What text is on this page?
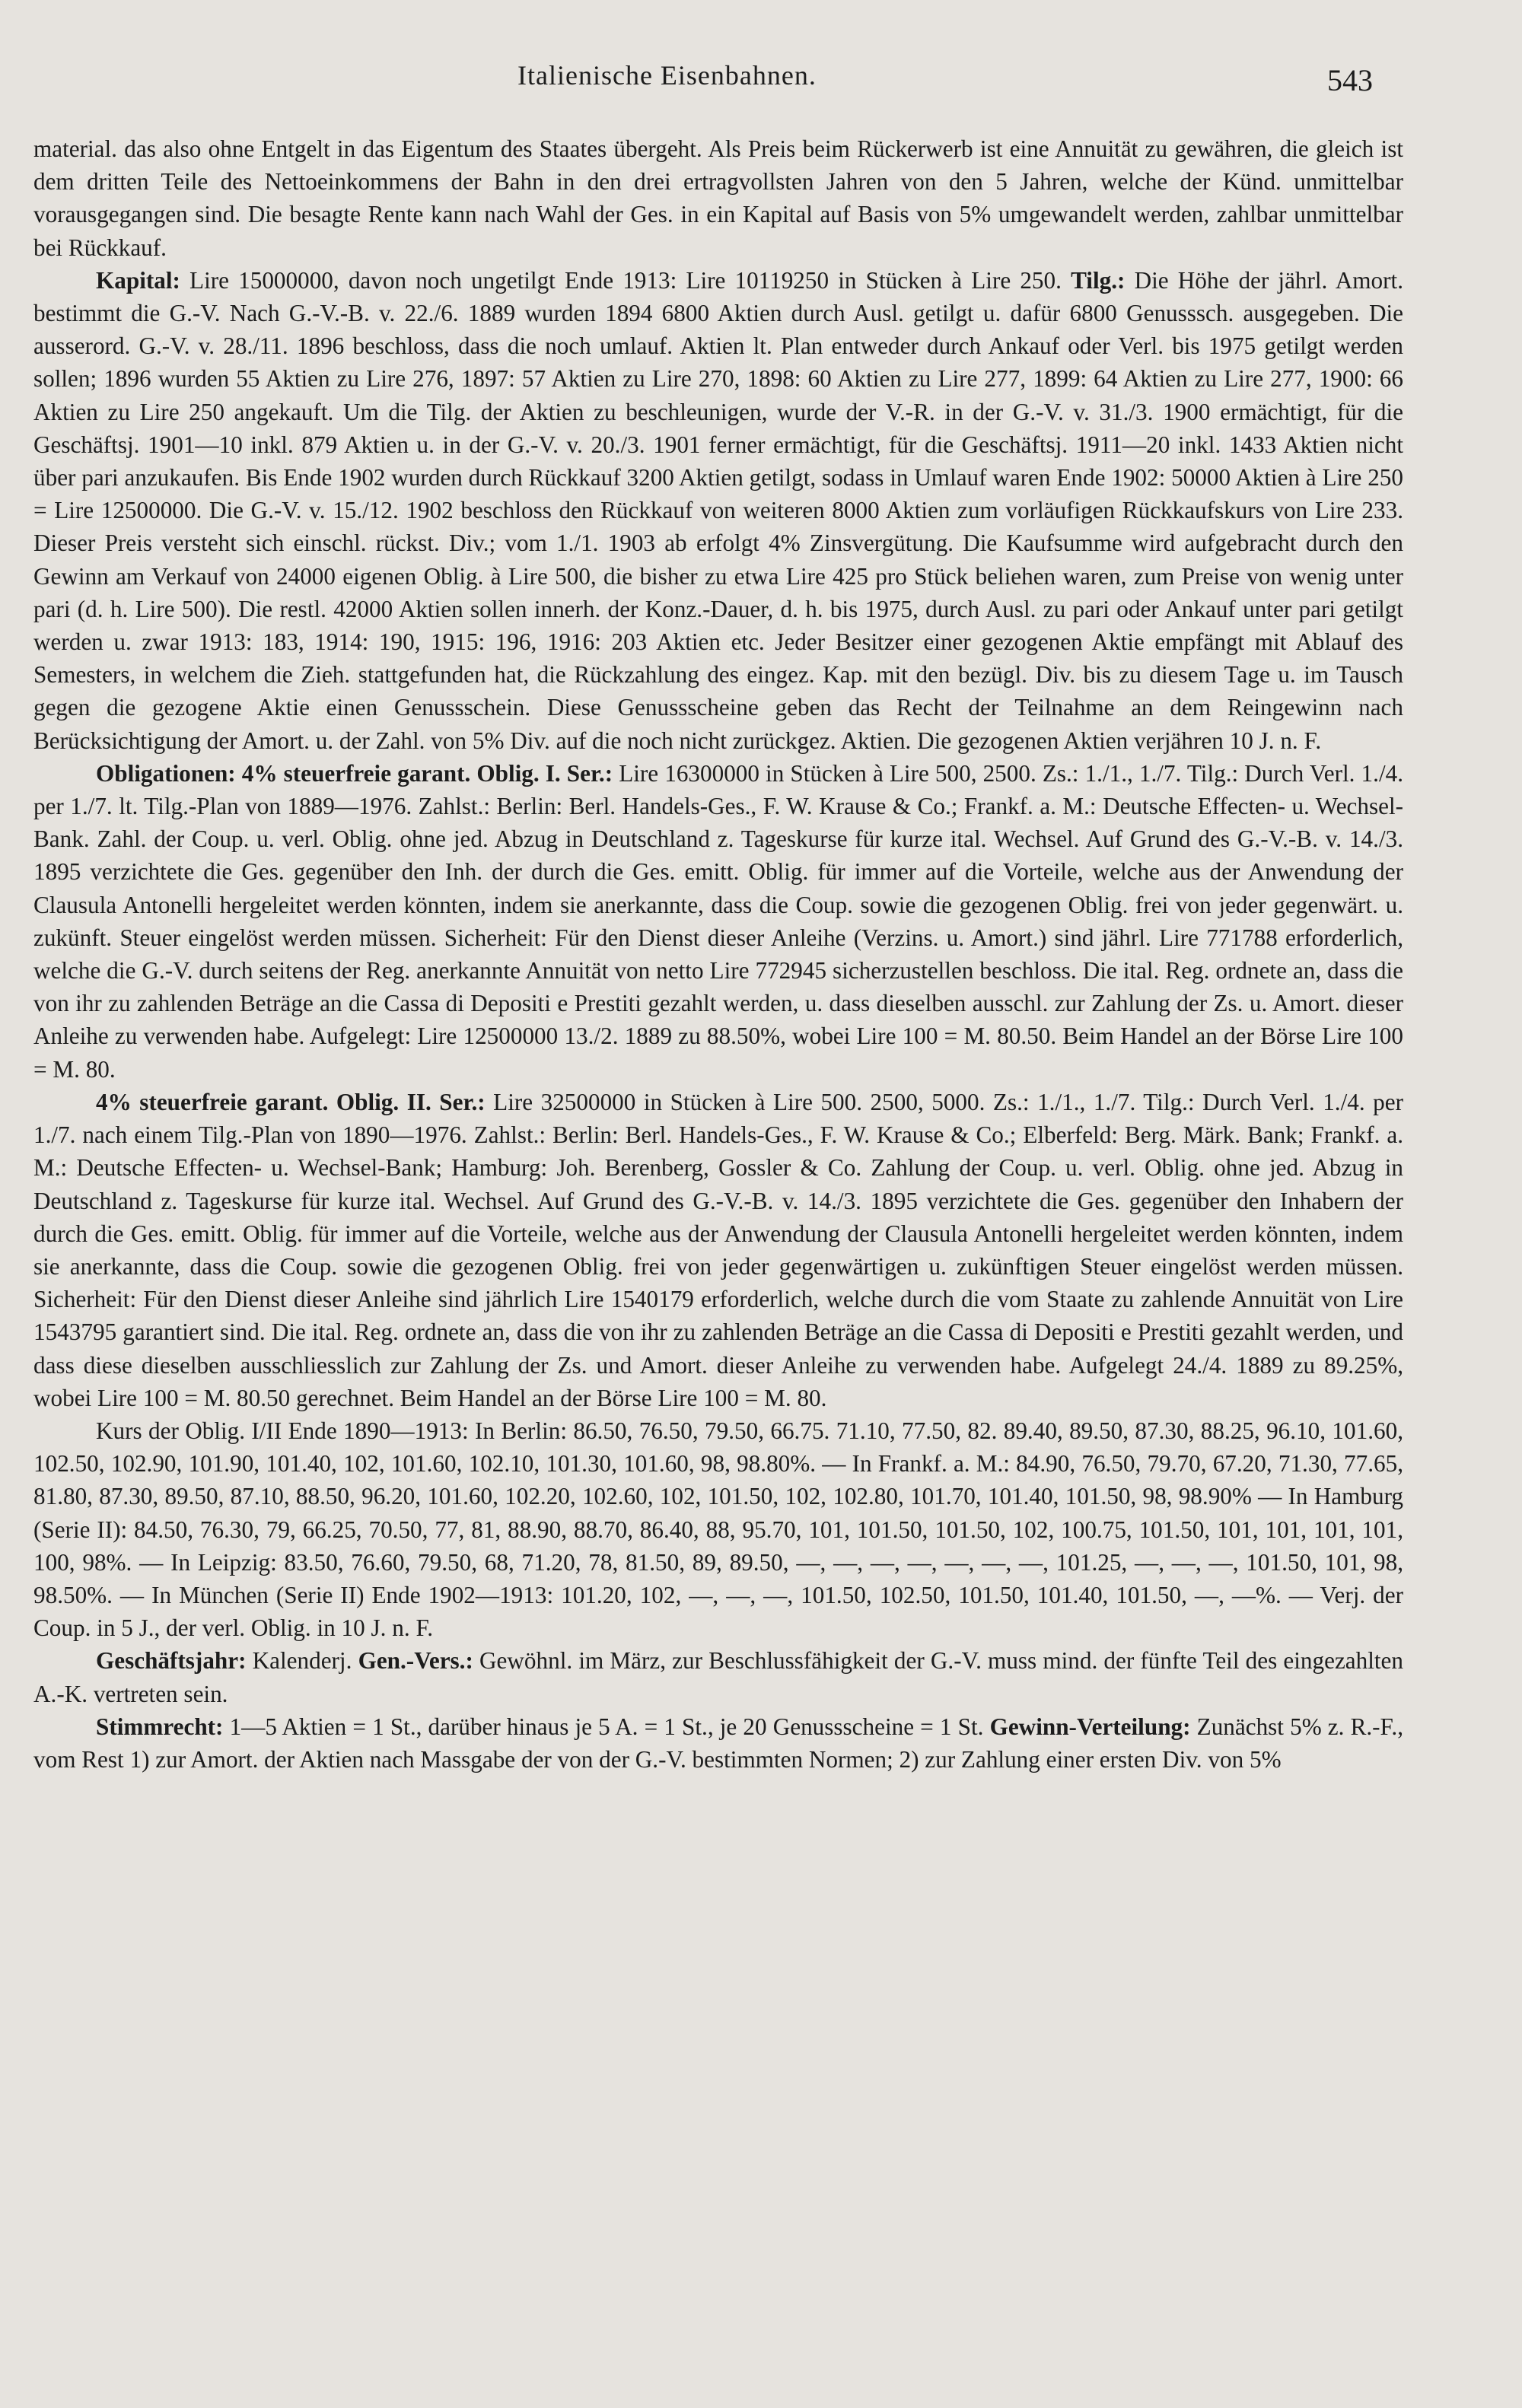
Italienische Eisenbahnen.	543

material. das also ohne Entgelt in das Eigentum des Staates übergeht. Als Preis beim Rückerwerb ist eine Annuität zu gewähren, die gleich ist dem dritten Teile des Nettoeinkommens der Bahn in den drei ertragvollsten Jahren von den 5 Jahren, welche der Künd. unmittelbar vorausgegangen sind. Die besagte Rente kann nach Wahl der Ges. in ein Kapital auf Basis von 5% umgewandelt werden, zahlbar unmittelbar bei Rückkauf.

Kapital: Lire 15000000, davon noch ungetilgt Ende 1913: Lire 10119250 in Stücken à Lire 250. Tilg.: Die Höhe der jährl. Amort. bestimmt die G.-V. Nach G.-V.-B. v. 22./6. 1889 wurden 1894 6800 Aktien durch Ausl. getilgt u. dafür 6800 Genusssch. ausgegeben. Die ausserord. G.-V. v. 28./11. 1896 beschloss, dass die noch umlauf. Aktien lt. Plan entweder durch Ankauf oder Verl. bis 1975 getilgt werden sollen; 1896 wurden 55 Aktien zu Lire 276, 1897: 57 Aktien zu Lire 270, 1898: 60 Aktien zu Lire 277, 1899: 64 Aktien zu Lire 277, 1900: 66 Aktien zu Lire 250 angekauft. Um die Tilg. der Aktien zu beschleunigen, wurde der V.-R. in der G.-V. v. 31./3. 1900 ermächtigt, für die Geschäftsj. 1901—10 inkl. 879 Aktien u. in der G.-V. v. 20./3. 1901 ferner ermächtigt, für die Geschäftsj. 1911—20 inkl. 1433 Aktien nicht über pari anzukaufen. Bis Ende 1902 wurden durch Rückkauf 3200 Aktien getilgt, sodass in Umlauf waren Ende 1902: 50000 Aktien à Lire 250 = Lire 12500000. Die G.-V. v. 15./12. 1902 beschloss den Rückkauf von weiteren 8000 Aktien zum vorläufigen Rückkaufskurs von Lire 233. Dieser Preis versteht sich einschl. rückst. Div.; vom 1./1. 1903 ab erfolgt 4% Zinsvergütung. Die Kaufsumme wird aufgebracht durch den Gewinn am Verkauf von 24000 eigenen Oblig. à Lire 500, die bisher zu etwa Lire 425 pro Stück beliehen waren, zum Preise von wenig unter pari (d. h. Lire 500). Die restl. 42000 Aktien sollen innerh. der Konz.-Dauer, d. h. bis 1975, durch Ausl. zu pari oder Ankauf unter pari getilgt werden u. zwar 1913: 183, 1914: 190, 1915: 196, 1916: 203 Aktien etc. Jeder Besitzer einer gezogenen Aktie empfängt mit Ablauf des Semesters, in welchem die Zieh. stattgefunden hat, die Rückzahlung des eingez. Kap. mit den bezügl. Div. bis zu diesem Tage u. im Tausch gegen die gezogene Aktie einen Genussschein. Diese Genussscheine geben das Recht der Teilnahme an dem Reingewinn nach Berücksichtigung der Amort. u. der Zahl. von 5% Div. auf die noch nicht zurückgez. Aktien. Die gezogenen Aktien verjähren 10 J. n. F.

Obligationen: 4% steuerfreie garant. Oblig. I. Ser.: Lire 16300000 in Stücken à Lire 500, 2500. Zs.: 1./1., 1./7. Tilg.: Durch Verl. 1./4. per 1./7. lt. Tilg.-Plan von 1889—1976. Zahlst.: Berlin: Berl. Handels-Ges., F. W. Krause & Co.; Frankf. a. M.: Deutsche Effecten- u. Wechsel-Bank. Zahl. der Coup. u. verl. Oblig. ohne jed. Abzug in Deutschland z. Tageskurse für kurze ital. Wechsel. Auf Grund des G.-V.-B. v. 14./3. 1895 verzichtete die Ges. gegenüber den Inh. der durch die Ges. emitt. Oblig. für immer auf die Vorteile, welche aus der Anwendung der Clausula Antonelli hergeleitet werden könnten, indem sie anerkannte, dass die Coup. sowie die gezogenen Oblig. frei von jeder gegenwärt. u. zukünft. Steuer eingelöst werden müssen. Sicherheit: Für den Dienst dieser Anleihe (Verzins. u. Amort.) sind jährl. Lire 771788 erforderlich, welche die G.-V. durch seitens der Reg. anerkannte Annuität von netto Lire 772945 sicherzustellen beschloss. Die ital. Reg. ordnete an, dass die von ihr zu zahlenden Beträge an die Cassa di Depositi e Prestiti gezahlt werden, u. dass dieselben ausschl. zur Zahlung der Zs. u. Amort. dieser Anleihe zu verwenden habe. Aufgelegt: Lire 12500000 13./2. 1889 zu 88.50%, wobei Lire 100 = M. 80.50. Beim Handel an der Börse Lire 100 = M. 80.

4% steuerfreie garant. Oblig. II. Ser.: Lire 32500000 in Stücken à Lire 500. 2500, 5000. Zs.: 1./1., 1./7. Tilg.: Durch Verl. 1./4. per 1./7. nach einem Tilg.-Plan von 1890—1976. Zahlst.: Berlin: Berl. Handels-Ges., F. W. Krause & Co.; Elberfeld: Berg. Märk. Bank; Frankf. a. M.: Deutsche Effecten- u. Wechsel-Bank; Hamburg: Joh. Berenberg, Gossler & Co. Zahlung der Coup. u. verl. Oblig. ohne jed. Abzug in Deutschland z. Tageskurse für kurze ital. Wechsel. Auf Grund des G.-V.-B. v. 14./3. 1895 verzichtete die Ges. gegenüber den Inhabern der durch die Ges. emitt. Oblig. für immer auf die Vorteile, welche aus der Anwendung der Clausula Antonelli hergeleitet werden könnten, indem sie anerkannte, dass die Coup. sowie die gezogenen Oblig. frei von jeder gegenwärtigen u. zukünftigen Steuer eingelöst werden müssen. Sicherheit: Für den Dienst dieser Anleihe sind jährlich Lire 1540179 erforderlich, welche durch die vom Staate zu zahlende Annuität von Lire 1543795 garantiert sind. Die ital. Reg. ordnete an, dass die von ihr zu zahlenden Beträge an die Cassa di Depositi e Prestiti gezahlt werden, und dass diese dieselben ausschliesslich zur Zahlung der Zs. und Amort. dieser Anleihe zu verwenden habe. Aufgelegt 24./4. 1889 zu 89.25%, wobei Lire 100 = M. 80.50 gerechnet. Beim Handel an der Börse Lire 100 = M. 80.

Kurs der Oblig. I/II Ende 1890—1913: In Berlin: 86.50, 76.50, 79.50, 66.75. 71.10, 77.50, 82. 89.40, 89.50, 87.30, 88.25, 96.10, 101.60, 102.50, 102.90, 101.90, 101.40, 102, 101.60, 102.10, 101.30, 101.60, 98, 98.80%. — In Frankf. a. M.: 84.90, 76.50, 79.70, 67.20, 71.30, 77.65, 81.80, 87.30, 89.50, 87.10, 88.50, 96.20, 101.60, 102.20, 102.60, 102, 101.50, 102, 102.80, 101.70, 101.40, 101.50, 98, 98.90% — In Hamburg (Serie II): 84.50, 76.30, 79, 66.25, 70.50, 77, 81, 88.90, 88.70, 86.40, 88, 95.70, 101, 101.50, 101.50, 102, 100.75, 101.50, 101, 101, 101, 101, 100, 98%. — In Leipzig: 83.50, 76.60, 79.50, 68, 71.20, 78, 81.50, 89, 89.50, —, —, —, —, —, —, —, 101.25, —, —, —, 101.50, 101, 98, 98.50%. — In München (Serie II) Ende 1902—1913: 101.20, 102, —, —, —, 101.50, 102.50, 101.50, 101.40, 101.50, —, —%. — Verj. der Coup. in 5 J., der verl. Oblig. in 10 J. n. F.

Geschäftsjahr: Kalenderj. Gen.-Vers.: Gewöhnl. im März, zur Beschlussfähigkeit der G.-V. muss mind. der fünfte Teil des eingezahlten A.-K. vertreten sein.

Stimmrecht: 1—5 Aktien = 1 St., darüber hinaus je 5 A. = 1 St., je 20 Genussscheine = 1 St. Gewinn-Verteilung: Zunächst 5% z. R.-F., vom Rest 1) zur Amort. der Aktien nach Massgabe der von der G.-V. bestimmten Normen; 2) zur Zahlung einer ersten Div. von 5%
